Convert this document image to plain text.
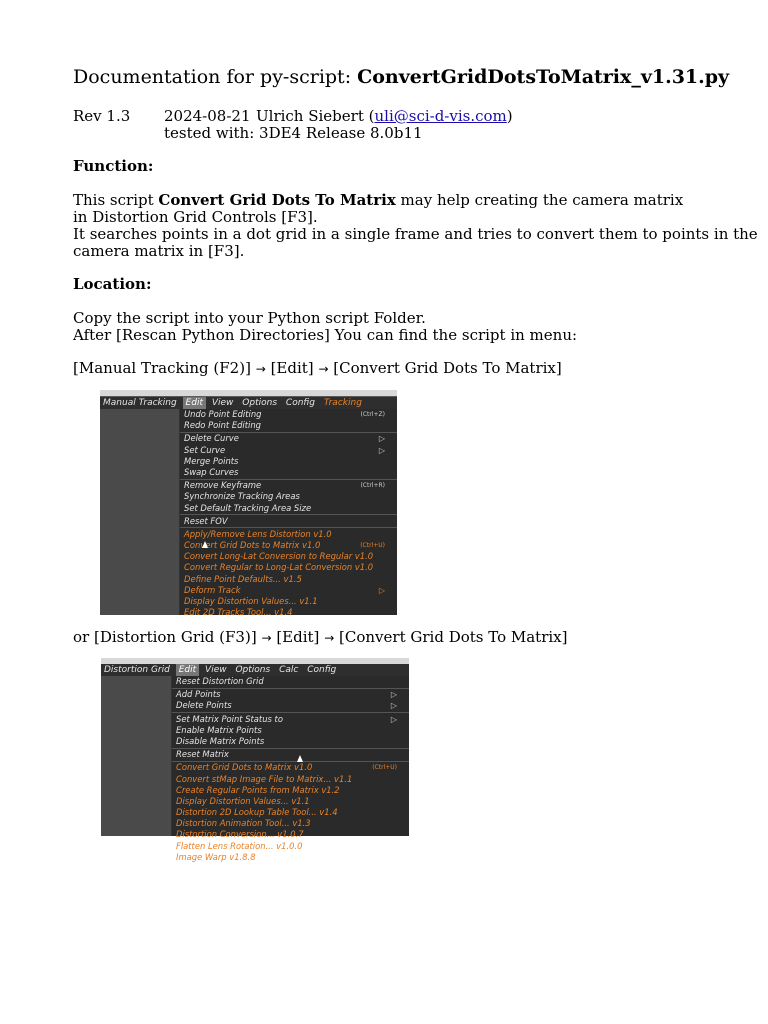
Documentation for py-script: ConvertGridDotsToMatrix_v1.31.py
Rev 1.3 2024-08-21 Ulrich Siebert (uli@sci-d-vis.com)
tested with: 3DE4 Release 8.0b11
Function:
This script Convert Grid Dots To Matrix may help creating the camera matrix
in Distortion Grid Controls [F3].
It searches points in a dot grid in a single frame and tries to convert them to points in the
camera matrix in [F3].
Location:
Copy the script into your Python script Folder.
After [Rescan Python Directories] You can find the script in menu:
[Manual Tracking (F2)] → [Edit] → [Convert Grid Dots To Matrix]
or [Distortion Grid (F3)] → [Edit] → [Convert Grid Dots To Matrix]
Manual Tracking Edit View Options Config Tracking
Undo Point Editing	(Ctrl+Z)
Redo Point Editing
Delete Curve	▷
Set Curve	▷
Merge Points
Swap Curves
Remove Keyframe	(Ctrl+R)
Synchronize Tracking Areas
Set Default Tracking Area Size
Reset FOV
Apply/Remove Lens Distortion v1.0
Convert Grid Dots to Matrix v1.0	(Ctrl+U)
Convert Long-Lat Conversion to Regular v1.0
Convert Regular to Long-Lat Conversion v1.0
Define Point Defaults... v1.5
Deform Track	▷
Display Distortion Values... v1.1
Edit 2D Tracks Tool... v1.4
Distortion Grid Edit View Options Calc Config
Reset Distortion Grid
Add Points	▷
Delete Points	▷
Set Matrix Point Status to	▷
Enable Matrix Points
Disable Matrix Points
Reset Matrix
Convert Grid Dots to Matrix v1.0	(Ctrl+U)
Convert stMap Image File to Matrix... v1.1
Create Regular Points from Matrix v1.2
Display Distortion Values... v1.1
Distortion 2D Lookup Table Tool... v1.4
Distortion Animation Tool... v1.3
Distortion Conversion... v1.0.7
Flatten Lens Rotation... v1.0.0
Image Warp v1.8.8
